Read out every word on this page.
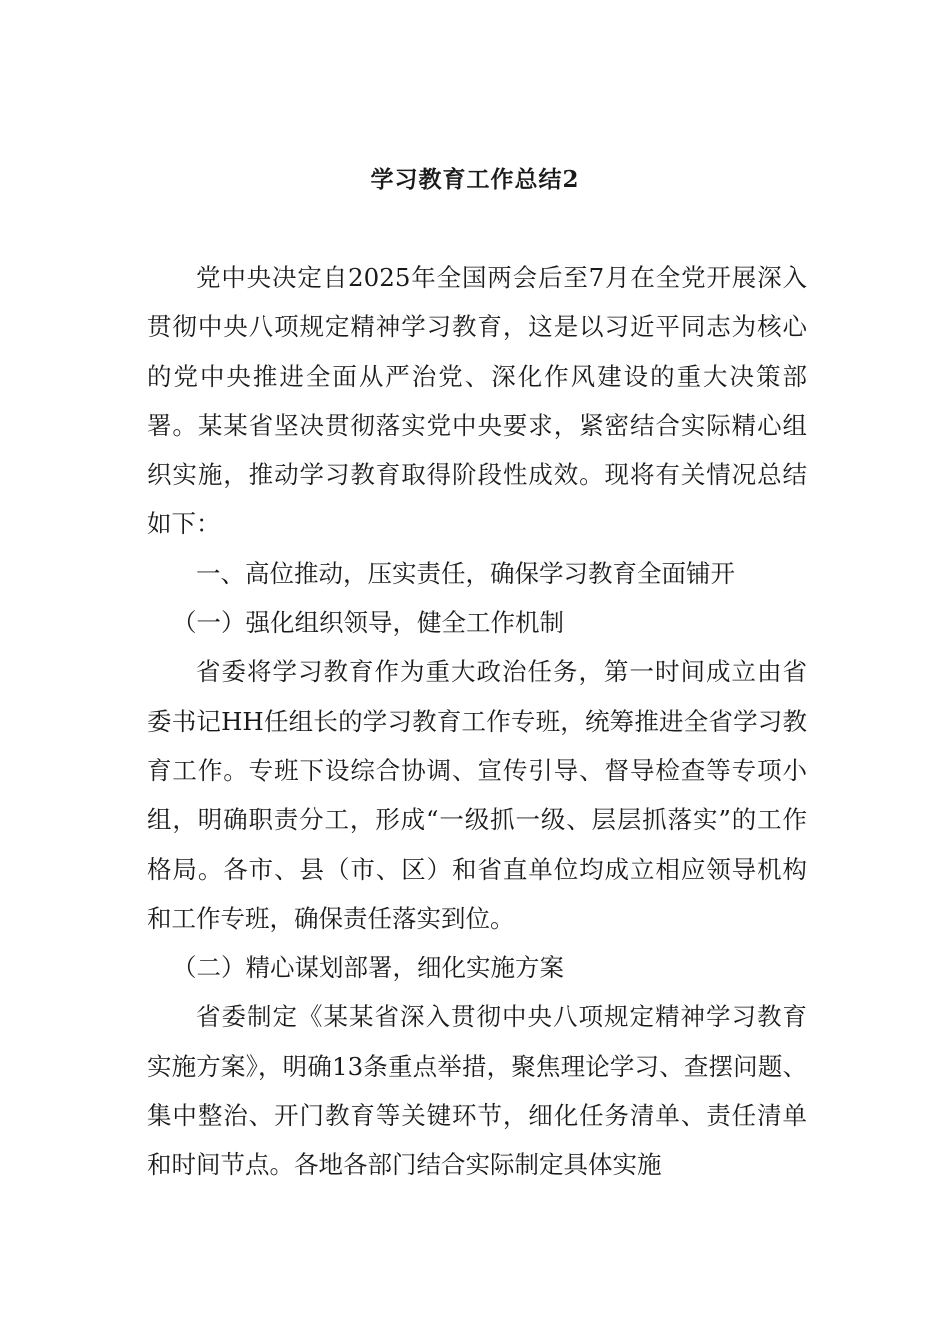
学习教育工作总结2

党中央决定自2025年全国两会后至7月在全党开展深入贯彻中央八项规定精神学习教育，这是以习近平同志为核心的党中央推进全面从严治党、深化作风建设的重大决策部署。某某省坚决贯彻落实党中央要求，紧密结合实际精心组织实施，推动学习教育取得阶段性成效。现将有关情况总结如下：

一、高位推动，压实责任，确保学习教育全面铺开

（一）强化组织领导，健全工作机制

省委将学习教育作为重大政治任务，第一时间成立由省委书记HH任组长的学习教育工作专班，统筹推进全省学习教育工作。专班下设综合协调、宣传引导、督导检查等专项小组，明确职责分工，形成“一级抓一级、层层抓落实”的工作格局。各市、县（市、区）和省直单位均成立相应领导机构和工作专班，确保责任落实到位。

（二）精心谋划部署，细化实施方案

省委制定《某某省深入贯彻中央八项规定精神学习教育实施方案》，明确13条重点举措，聚焦理论学习、查摆问题、集中整治、开门教育等关键环节，细化任务清单、责任清单和时间节点。各地各部门结合实际制定具体实施
